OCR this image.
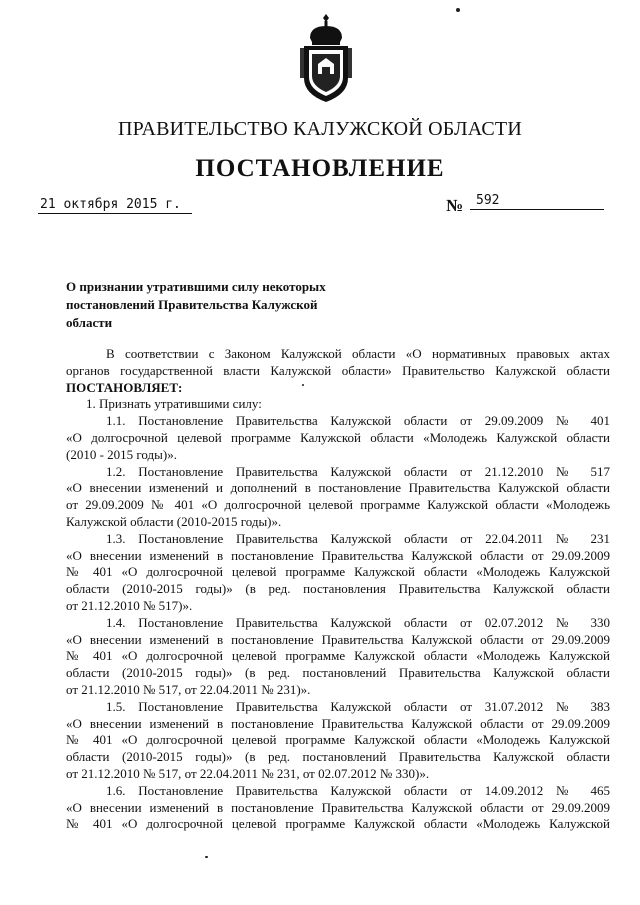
ПРАВИТЕЛЬСТВО КАЛУЖСКОЙ ОБЛАСТИ
ПОСТАНОВЛЕНИЕ
21 октября 2015 г.	№ 592
О признании утратившими силу некоторых
постановлений Правительства Калужской
области
В соответствии с Законом Калужской области «О нормативных правовых актах
органов государственной власти Калужской области» Правительство Калужской области
ПОСТАНОВЛЯЕТ:
1. Признать утратившими силу:
1.1. Постановление Правительства Калужской области от 29.09.2009 № 401
«О долгосрочной целевой программе Калужской области «Молодежь Калужской области
(2010 - 2015 годы)».
1.2. Постановление Правительства Калужской области от 21.12.2010 № 517
«О внесении изменений и дополнений в постановление Правительства Калужской области
от 29.09.2009 № 401 «О долгосрочной целевой программе Калужской области «Молодежь
Калужской области (2010-2015 годы)».
1.3. Постановление Правительства Калужской области от 22.04.2011 № 231
«О внесении изменений в постановление Правительства Калужской области от 29.09.2009
№ 401 «О долгосрочной целевой программе Калужской области «Молодежь Калужской
области (2010-2015 годы)» (в ред. постановления Правительства Калужской области
от 21.12.2010 № 517)».
1.4. Постановление Правительства Калужской области от 02.07.2012 № 330
«О внесении изменений в постановление Правительства Калужской области от 29.09.2009
№ 401 «О долгосрочной целевой программе Калужской области «Молодежь Калужской
области (2010-2015 годы)» (в ред. постановлений Правительства Калужской области
от 21.12.2010 № 517, от 22.04.2011 № 231)».
1.5. Постановление Правительства Калужской области от 31.07.2012 № 383
«О внесении изменений в постановление Правительства Калужской области от 29.09.2009
№ 401 «О долгосрочной целевой программе Калужской области «Молодежь Калужской
области (2010-2015 годы)» (в ред. постановлений Правительства Калужской области
от 21.12.2010 № 517, от 22.04.2011 № 231, от 02.07.2012 № 330)».
1.6. Постановление Правительства Калужской области от 14.09.2012 № 465
«О внесении изменений в постановление Правительства Калужской области от 29.09.2009
№ 401 «О долгосрочной целевой программе Калужской области «Молодежь Калужской
